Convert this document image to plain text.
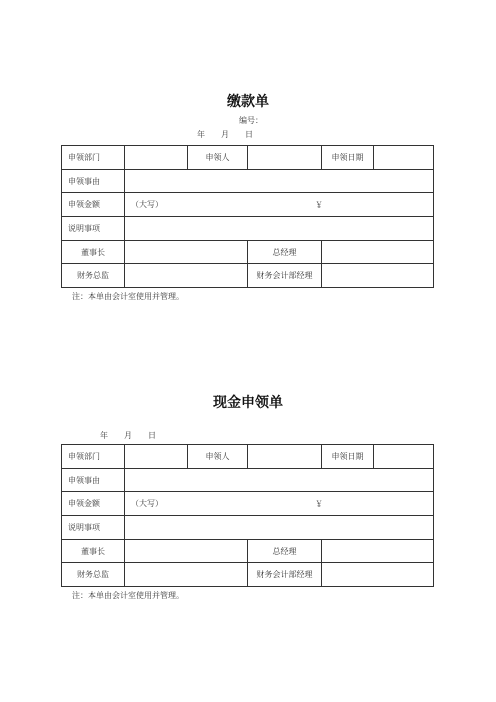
缴款单
编号：
年　　月　　日
申领部门		申领人		申领日期	
申领事由					
申领金额	（大写） ￥				

说明事项					
董事长			总经理		
财务总监			财务会计部经理		
注：本单由会计室使用并管理。
现金申领单
年　　月　　日
申领部门		申领人		申领日期	
申领事由					
申领金额	（大写） ￥				

说明事项					
董事长			总经理		
财务总监			财务会计部经理		
注：本单由会计室使用并管理。
